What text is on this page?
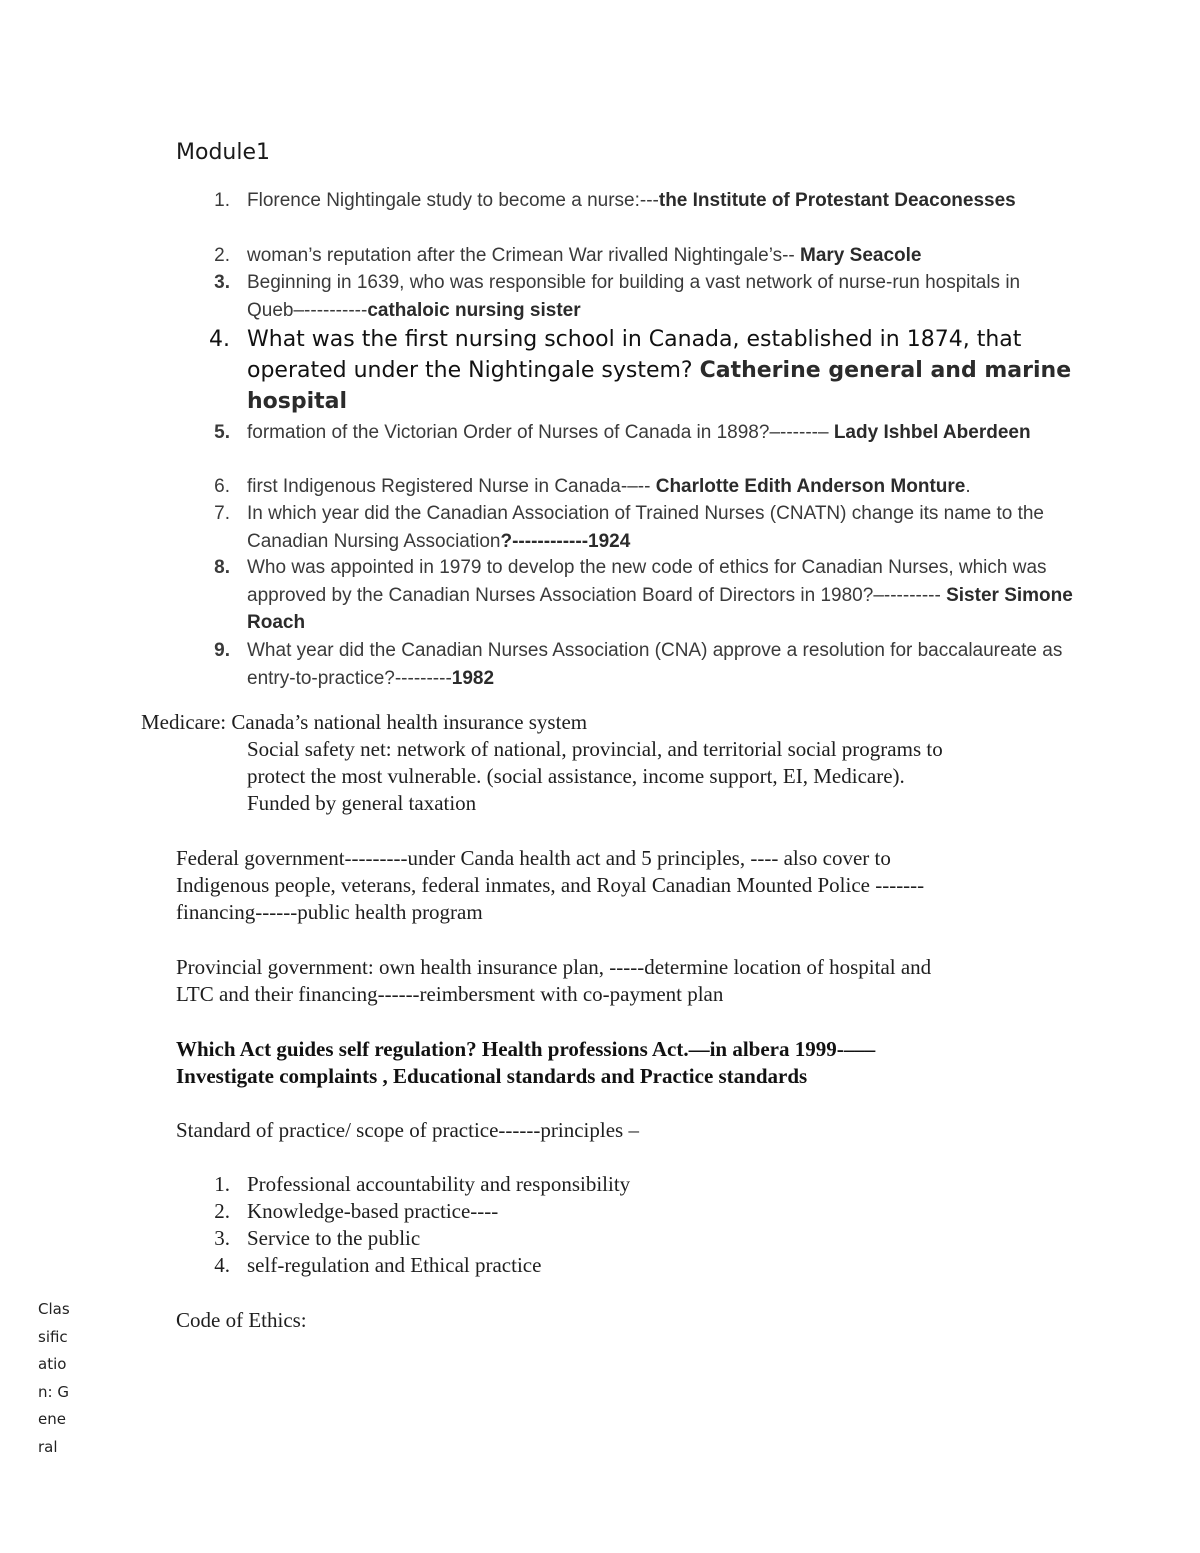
Module1
1. Florence Nightingale study to become a nurse:---the Institute of Protestant Deaconesses
2. woman’s reputation after the Crimean War rivalled Nightingale’s-- Mary Seacole
3. Beginning in 1639, who was responsible for building a vast network of nurse-run hospitals in Queb–----------cathaloic nursing sister
4. What was the first nursing school in Canada, established in 1874, that operated under the Nightingale system? Catherine general and marine hospital
5. formation of the Victorian Order of Nurses of Canada in 1898?–------– Lady Ishbel Aberdeen
6. first Indigenous Registered Nurse in Canada-–-- Charlotte Edith Anderson Monture.
7. In which year did the Canadian Association of Trained Nurses (CNATN) change its name to the Canadian Nursing Association?------------1924
8. Who was appointed in 1979 to develop the new code of ethics for Canadian Nurses, which was approved by the Canadian Nurses Association Board of Directors in 1980?–--------- Sister Simone Roach
9. What year did the Canadian Nurses Association (CNA) approve a resolution for baccalaureate as entry-to-practice?---------1982
Medicare: Canada’s national health insurance system
Social safety net: network of national, provincial, and territorial social programs to
protect the most vulnerable. (social assistance, income support, EI, Medicare).
Funded by general taxation
Federal government---------under Canda health act and 5 principles, ---- also cover to
Indigenous people, veterans, federal inmates, and Royal Canadian Mounted Police -------
financing------public health program
Provincial government: own health insurance plan, -----determine location of hospital and
LTC and their financing------reimbersment with co-payment plan
Which Act guides self regulation? Health professions Act.—in albera 1999-–––
Investigate complaints , Educational standards and Practice standards
Standard of practice/ scope of practice------principles –
1. Professional accountability and responsibility
2. Knowledge-based practice----
3. Service to the public
4. self-regulation and Ethical practice
Code of Ethics:
Classification: General
